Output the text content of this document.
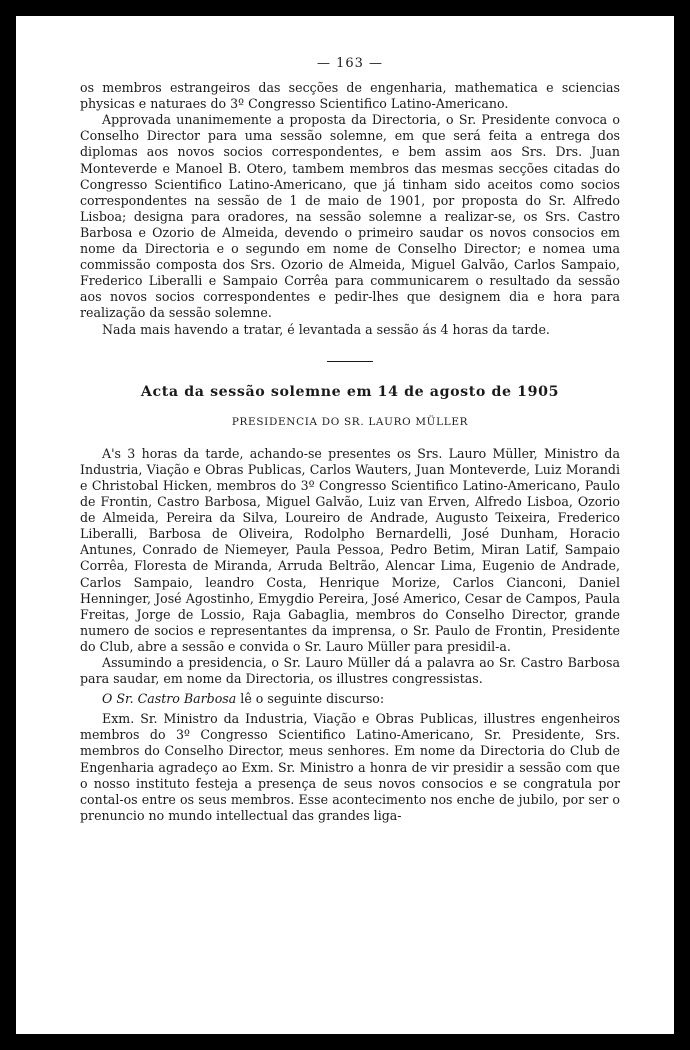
— 163 —

os membros estrangeiros das secções de engenharia, mathematica e sciencias physicas e naturaes do 3º Congresso Scientifico Latino-Americano.

Approvada unanimemente a proposta da Directoria, o Sr. Presidente convoca o Conselho Director para uma sessão solemne, em que será feita a entrega dos diplomas aos novos socios correspondentes, e bem assim aos Srs. Drs. Juan Monteverde e Manoel B. Otero, tambem membros das mesmas secções citadas do Congresso Scientifico Latino-Americano, que já tinham sido aceitos como socios correspondentes na sessão de 1 de maio de 1901, por proposta do Sr. Alfredo Lisboa; designa para oradores, na sessão solemne a realizar-se, os Srs. Castro Barbosa e Ozorio de Almeida, devendo o primeiro saudar os novos consocios em nome da Directoria e o segundo em nome de Conselho Director; e nomea uma commissão composta dos Srs. Ozorio de Almeida, Miguel Galvão, Carlos Sampaio, Frederico Liberalli e Sampaio Corrêa para communicarem o resultado da sessão aos novos socios correspondentes e pedir-lhes que designem dia e hora para realização da sessão solemne.

Nada mais havendo a tratar, é levantada a sessão ás 4 horas da tarde.

Acta da sessão solemne em 14 de agosto de 1905
PRESIDENCIA DO SR. LAURO MÜLLER

A's 3 horas da tarde, achando-se presentes os Srs. Lauro Müller, Ministro da Industria, Viação e Obras Publicas, Carlos Wauters, Juan Monteverde, Luiz Morandi e Christobal Hicken, membros do 3º Congresso Scientifico Latino-Americano, Paulo de Frontin, Castro Barbosa, Miguel Galvão, Luiz van Erven, Alfredo Lisboa, Ozorio de Almeida, Pereira da Silva, Loureiro de Andrade, Augusto Teixeira, Frederico Liberalli, Barbosa de Oliveira, Rodolpho Bernardelli, José Dunham, Horacio Antunes, Conrado de Niemeyer, Paula Pessoa, Pedro Betim, Miran Latif, Sampaio Corrêa, Floresta de Miranda, Arruda Beltrão, Alencar Lima, Eugenio de Andrade, Carlos Sampaio, leandro Costa, Henrique Morize, Carlos Cianconi, Daniel Henninger, José Agostinho, Emygdio Pereira, José Americo, Cesar de Campos, Paula Freitas, Jorge de Lossio, Raja Gabaglia, membros do Conselho Director, grande numero de socios e representantes da imprensa, o Sr. Paulo de Frontin, Presidente do Club, abre a sessão e convida o Sr. Lauro Müller para presidil-a.

Assumindo a presidencia, o Sr. Lauro Müller dá a palavra ao Sr. Castro Barbosa para saudar, em nome da Directoria, os illustres congressistas.

O Sr. Castro Barbosa lê o seguinte discurso:

Exm. Sr. Ministro da Industria, Viação e Obras Publicas, illustres engenheiros membros do 3º Congresso Scientifico Latino-Americano, Sr. Presidente, Srs. membros do Conselho Director, meus senhores. Em nome da Directoria do Club de Engenharia agradeço ao Exm. Sr. Ministro a honra de vir presidir a sessão com que o nosso instituto festeja a presença de seus novos consocios e se congratula por contal-os entre os seus membros. Esse acontecimento nos enche de jubilo, por ser o prenuncio no mundo intellectual das grandes liga-
